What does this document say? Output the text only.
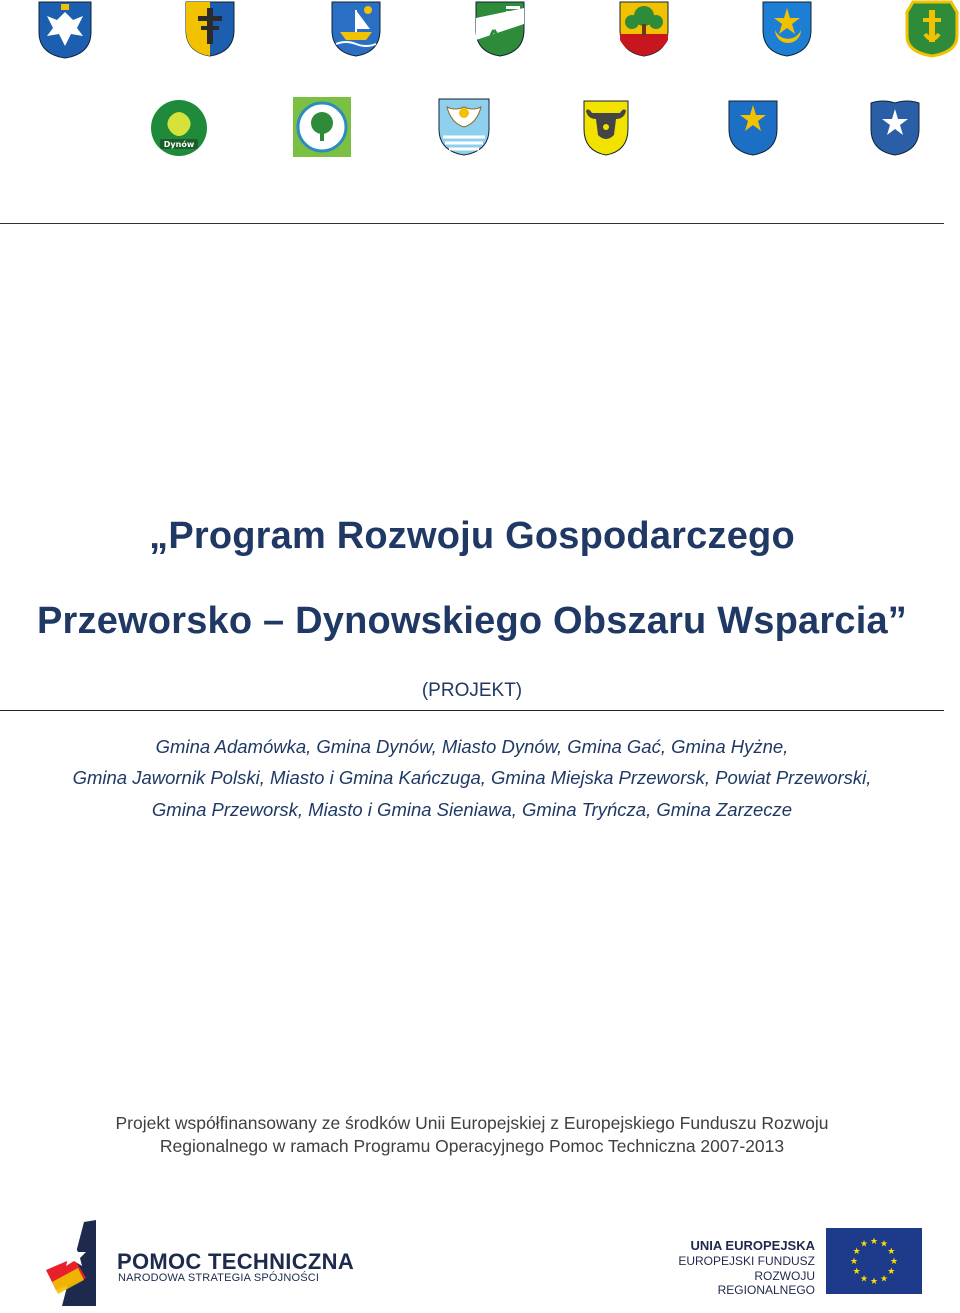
Dynów
„Program Rozwoju Gospodarczego
Przeworsko – Dynowskiego Obszaru Wsparcia”
(PROJEKT)
Gmina Adamówka, Gmina Dynów, Miasto Dynów, Gmina Gać, Gmina Hyżne,
Gmina Jawornik Polski, Miasto i Gmina Kańczuga, Gmina Miejska Przeworsk, Powiat Przeworski,
Gmina Przeworsk, Miasto i Gmina Sieniawa, Gmina Tryńcza, Gmina Zarzecze
Projekt współfinansowany ze środków Unii Europejskiej z Europejskiego Funduszu Rozwoju
Regionalnego w ramach Programu Operacyjnego Pomoc Techniczna 2007-2013
POMOC TECHNICZNA
NARODOWA STRATEGIA SPÓJNOŚCI
UNIA EUROPEJSKA
EUROPEJSKI FUNDUSZ
ROZWOJU REGIONALNEGO
★ ★
★
★
★
★
★
★
★
★
★
★
